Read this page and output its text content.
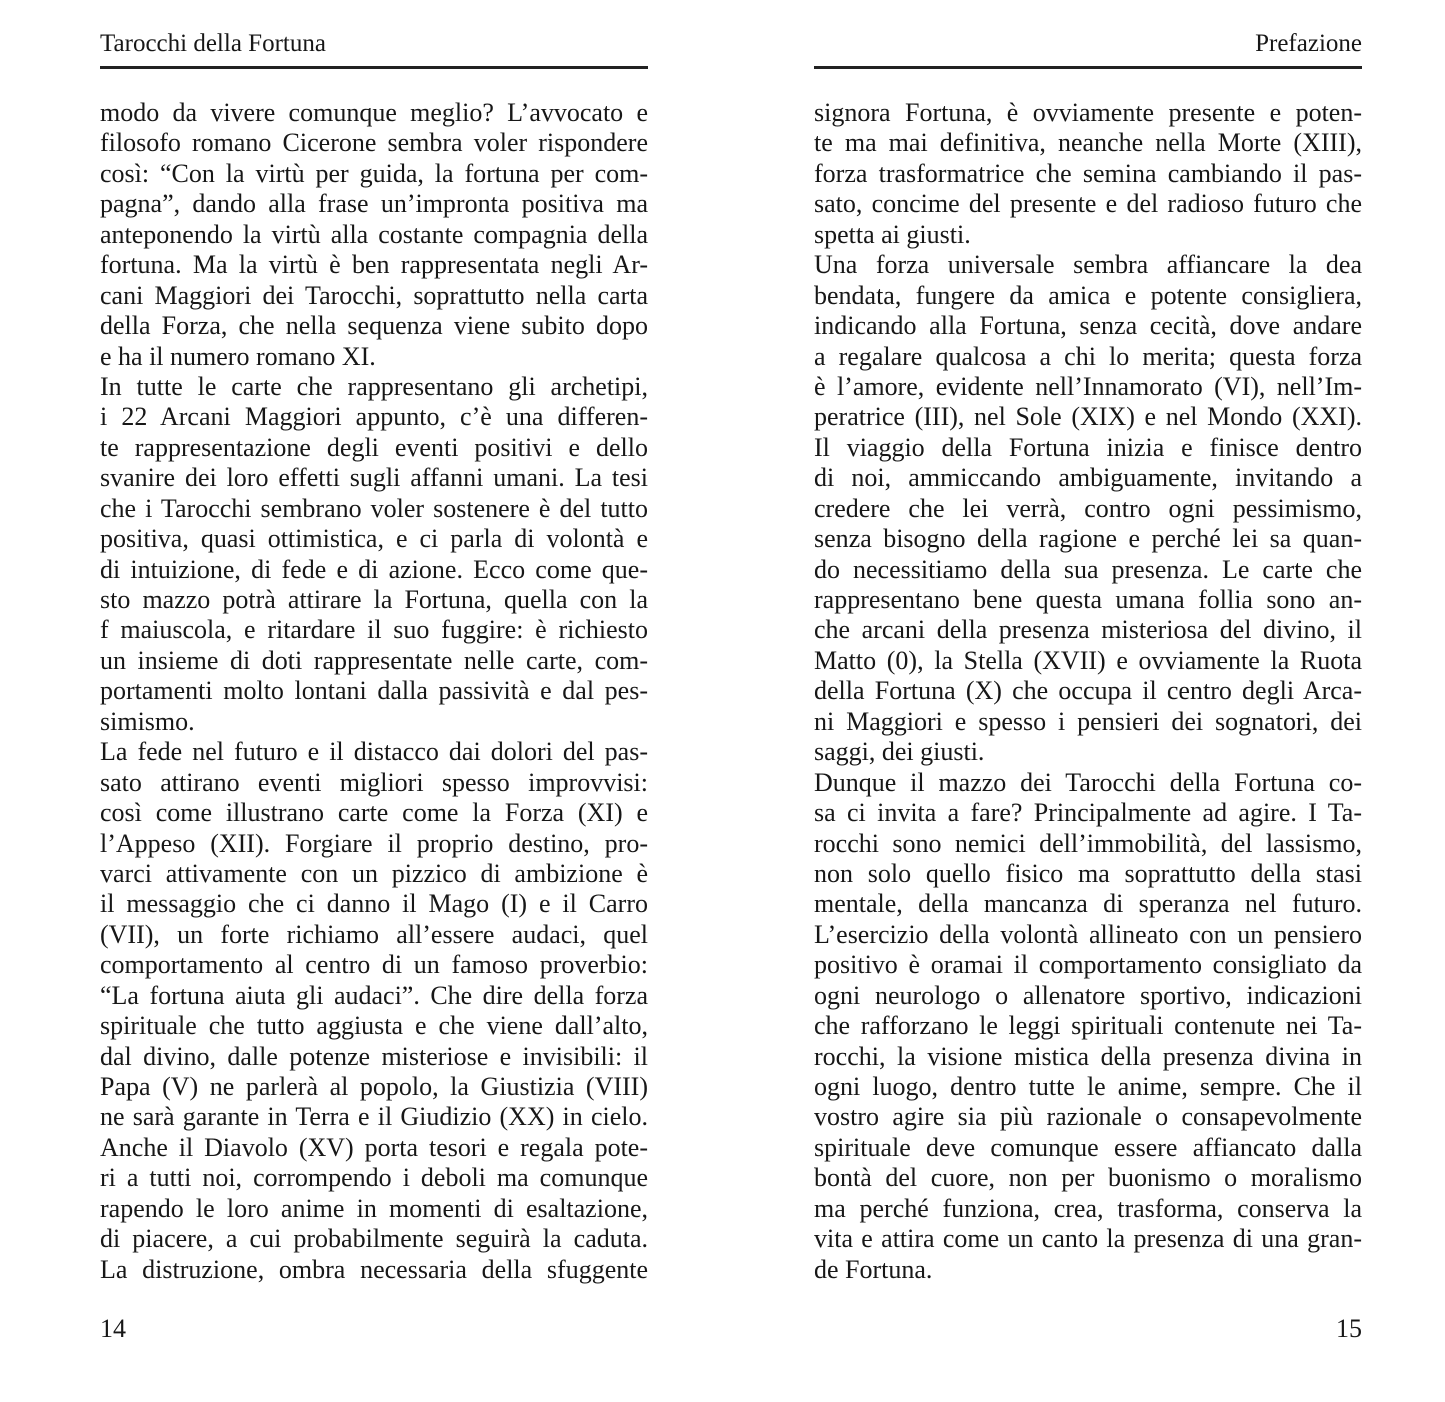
Tarocchi della Fortuna
modo da vivere comunque meglio? L’avvocato e
filosofo romano Cicerone sembra voler rispondere
così: “Con la virtù per guida, la fortuna per com-
pagna”, dando alla frase un’impronta positiva ma
anteponendo la virtù alla costante compagnia della
fortuna. Ma la virtù è ben rappresentata negli Ar-
cani Maggiori dei Tarocchi, soprattutto nella carta
della Forza, che nella sequenza viene subito dopo
e ha il numero romano XI.
In tutte le carte che rappresentano gli archetipi,
i 22 Arcani Maggiori appunto, c’è una differen-
te rappresentazione degli eventi positivi e dello
svanire dei loro effetti sugli affanni umani. La tesi
che i Tarocchi sembrano voler sostenere è del tutto
positiva, quasi ottimistica, e ci parla di volontà e
di intuizione, di fede e di azione. Ecco come que-
sto mazzo potrà attirare la Fortuna, quella con la
f maiuscola, e ritardare il suo fuggire: è richiesto
un insieme di doti rappresentate nelle carte, com-
portamenti molto lontani dalla passività e dal pes-
simismo.
La fede nel futuro e il distacco dai dolori del pas-
sato attirano eventi migliori spesso improvvisi:
così come illustrano carte come la Forza (XI) e
l’Appeso (XII). Forgiare il proprio destino, pro-
varci attivamente con un pizzico di ambizione è
il messaggio che ci danno il Mago (I) e il Carro
(VII), un forte richiamo all’essere audaci, quel
comportamento al centro di un famoso proverbio:
“La fortuna aiuta gli audaci”. Che dire della forza
spirituale che tutto aggiusta e che viene dall’alto,
dal divino, dalle potenze misteriose e invisibili: il
Papa (V) ne parlerà al popolo, la Giustizia (VIII)
ne sarà garante in Terra e il Giudizio (XX) in cielo.
Anche il Diavolo (XV) porta tesori e regala pote-
ri a tutti noi, corrompendo i deboli ma comunque
rapendo le loro anime in momenti di esaltazione,
di piacere, a cui probabilmente seguirà la caduta.
La distruzione, ombra necessaria della sfuggente
14
Prefazione
signora Fortuna, è ovviamente presente e poten-
te ma mai definitiva, neanche nella Morte (XIII),
forza trasformatrice che semina cambiando il pas-
sato, concime del presente e del radioso futuro che
spetta ai giusti.
Una forza universale sembra affiancare la dea
bendata, fungere da amica e potente consigliera,
indicando alla Fortuna, senza cecità, dove andare
a regalare qualcosa a chi lo merita; questa forza
è l’amore, evidente nell’Innamorato (VI), nell’Im-
peratrice (III), nel Sole (XIX) e nel Mondo (XXI).
Il viaggio della Fortuna inizia e finisce dentro
di noi, ammiccando ambiguamente, invitando a
credere che lei verrà, contro ogni pessimismo,
senza bisogno della ragione e perché lei sa quan-
do necessitiamo della sua presenza. Le carte che
rappresentano bene questa umana follia sono an-
che arcani della presenza misteriosa del divino, il
Matto (0), la Stella (XVII) e ovviamente la Ruota
della Fortuna (X) che occupa il centro degli Arca-
ni Maggiori e spesso i pensieri dei sognatori, dei
saggi, dei giusti.
Dunque il mazzo dei Tarocchi della Fortuna co-
sa ci invita a fare? Principalmente ad agire. I Ta-
rocchi sono nemici dell’immobilità, del lassismo,
non solo quello fisico ma soprattutto della stasi
mentale, della mancanza di speranza nel futuro.
L’esercizio della volontà allineato con un pensiero
positivo è oramai il comportamento consigliato da
ogni neurologo o allenatore sportivo, indicazioni
che rafforzano le leggi spirituali contenute nei Ta-
rocchi, la visione mistica della presenza divina in
ogni luogo, dentro tutte le anime, sempre. Che il
vostro agire sia più razionale o consapevolmente
spirituale deve comunque essere affiancato dalla
bontà del cuore, non per buonismo o moralismo
ma perché funziona, crea, trasforma, conserva la
vita e attira come un canto la presenza di una gran-
de Fortuna.
15
